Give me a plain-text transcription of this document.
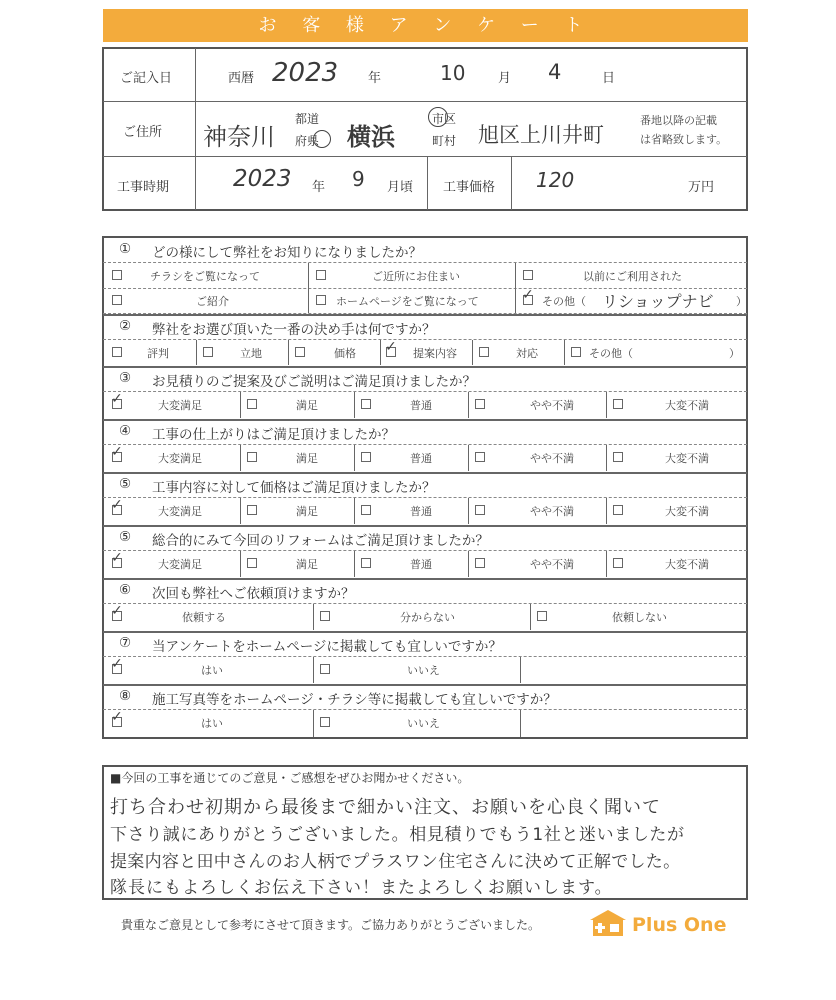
お 客 様 ア ン ケ ー ト
ご記入日	西暦 2023 年	10	月 4	日
ご住所 神奈川
都道
府県 横浜
市区
町村 旭区上川井町
番地以降の記載
は省略致します。
工事時期	2023 年 9 月頃 工事価格 120	万円
① どの様にして弊社をお知りになりましたか？
チラシをご覧になって	ご近所にお住まい	以前にご利用された
ご紹介	ホームページをご覧になって	✓ その他（ リショップナビ ）
② 弊社をお選び頂いた一番の決め手は何ですか？
評判	立地	価格 ✓ 提案内容	対応	その他（	）
③ お見積りのご提案及びご説明はご満足頂けましたか？
✓	大変満足	満足	普通	やや不満	大変不満
④ 工事の仕上がりはご満足頂けましたか？
✓	大変満足	満足	普通	やや不満	大変不満
⑤ 工事内容に対して価格はご満足頂けましたか？
✓	大変満足	満足	普通	やや不満	大変不満
⑤ 総合的にみて今回のリフォームはご満足頂けましたか？
✓	大変満足	満足	普通	やや不満	大変不満
⑥ 次回も弊社へご依頼頂けますか？
✓	依頼する	分からない	依頼しない
⑦ 当アンケートをホームページに掲載しても宜しいですか？
✓	はい	いいえ
⑧ 施工写真等をホームページ・チラシ等に掲載しても宜しいですか？
✓	はい	いいえ
■今回の工事を通じてのご意見・ご感想をぜひお聞かせください。
打ち合わせ初期から最後まで細かい注文、お願いを心良く聞いて
下さり誠にありがとうございました。相見積りでもう1社と迷いましたが
提案内容と田中さんのお人柄でプラスワン住宅さんに決めて正解でした。
隊長にもよろしくお伝え下さい！またよろしくお願いします。
貴重なご意見として参考にさせて頂きます。ご協力ありがとうございました。	Plus One
